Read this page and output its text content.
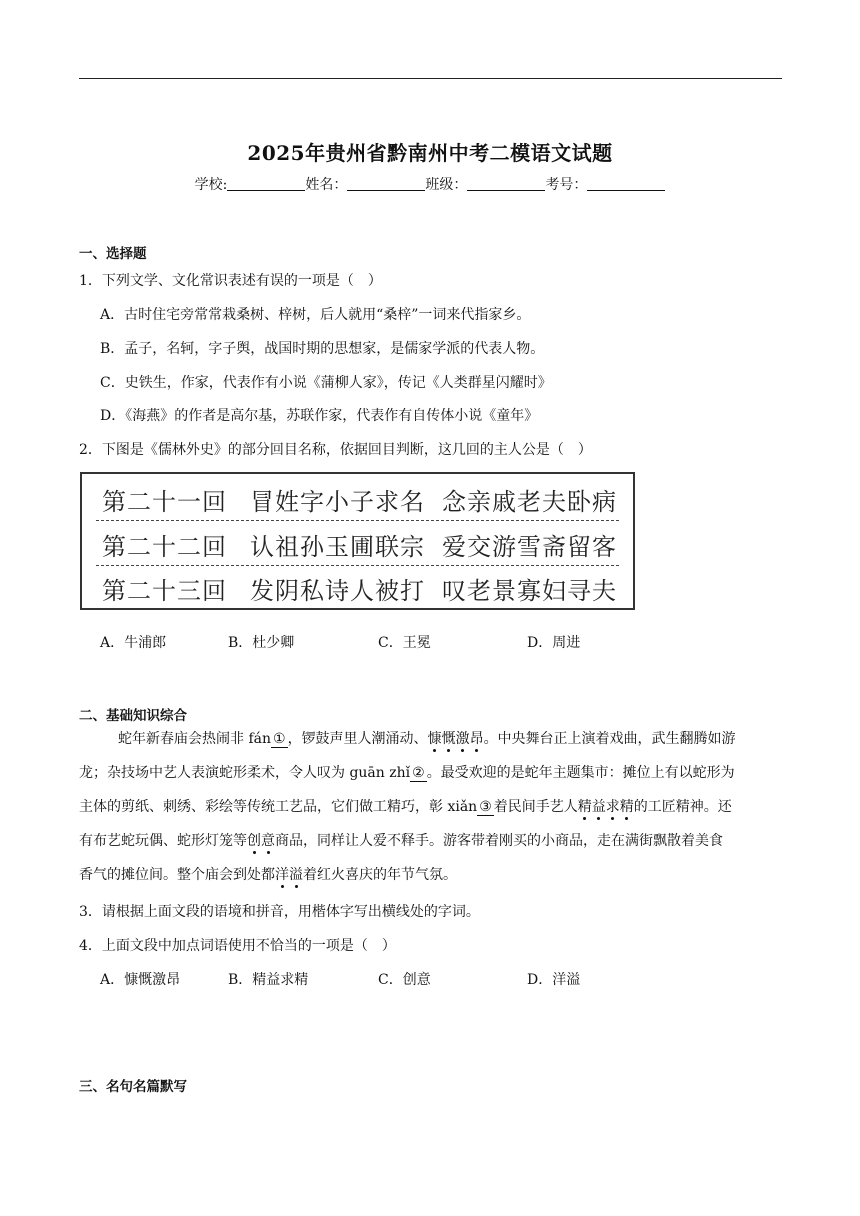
2025年贵州省黔南州中考二模语文试题
学校:	姓名：	班级：	考号：
一、选择题
1．下列文学、文化常识表述有误的一项是（　）
A．古时住宅旁常常栽桑树、梓树，后人就用“桑梓”一词来代指家乡。
B．孟子，名轲，字子舆，战国时期的思想家，是儒家学派的代表人物。
C．史铁生，作家，代表作有小说《蒲柳人家》，传记《人类群星闪耀时》
D．《海燕》的作者是高尔基，苏联作家，代表作有自传体小说《童年》
2．下图是《儒林外史》的部分回目名称，依据回目判断，这几回的主人公是（　）
第二十一回 冒姓字小子求名 念亲戚老夫卧病
第二十二回 认祖孙玉圃联宗 爱交游雪斋留客
第二十三回 发阴私诗人被打 叹老景寡妇寻夫
A．牛浦郎	B．杜少卿	C．王冕	D．周进
二、基础知识综合
蛇年新春庙会热闹非 fán ① ，锣鼓声里人潮涌动、慷慨激昂。中央舞台正上演着戏曲，武生翻腾如游
龙；杂技场中艺人表演蛇形柔术，令人叹为 guān zhǐ ② 。最受欢迎的是蛇年主题集市：摊位上有以蛇形为
主体的剪纸、刺绣、彩绘等传统工艺品，它们做工精巧，彰 xiǎn ③ 着民间手艺人精益求精的工匠精神。还
有布艺蛇玩偶、蛇形灯笼等创意商品，同样让人爱不释手。游客带着刚买的小商品，走在满街飘散着美食
香气的摊位间。整个庙会到处都洋溢着红火喜庆的年节气氛。
3．请根据上面文段的语境和拼音，用楷体字写出横线处的字词。
4．上面文段中加点词语使用不恰当的一项是（　）
A．慷慨激昂	B．精益求精	C．创意	D．洋溢
三、名句名篇默写
